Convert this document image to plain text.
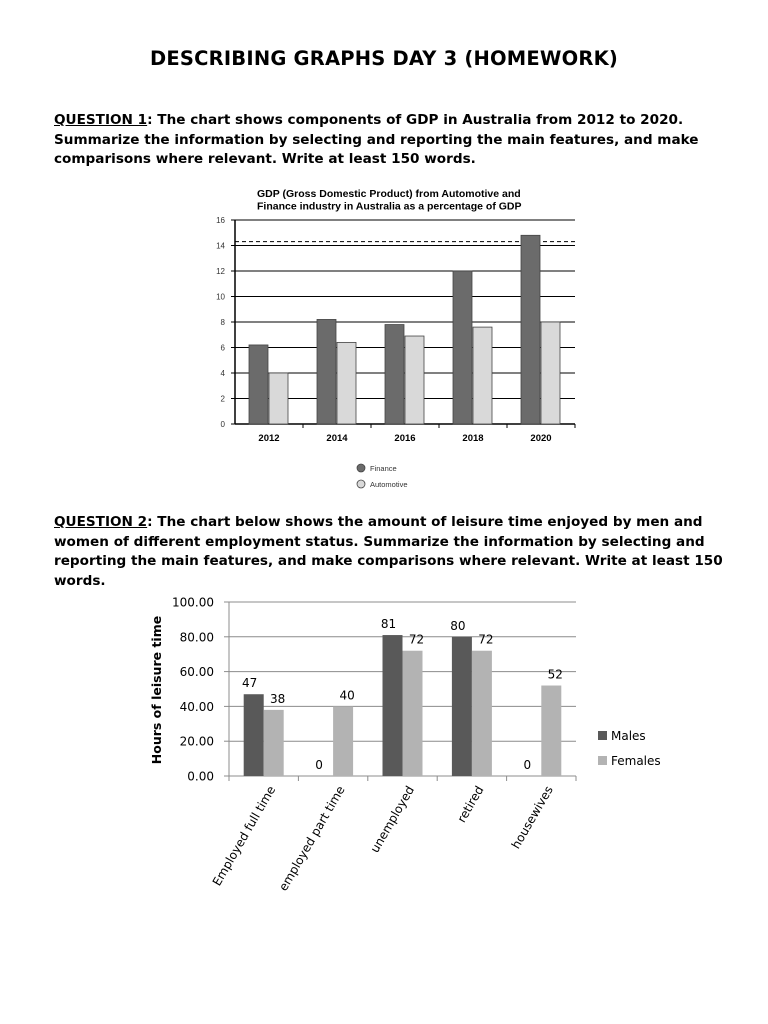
DESCRIBING GRAPHS DAY 3 (HOMEWORK)
QUESTION 1: The chart shows components of GDP in Australia from 2012 to 2020. Summarize the information by selecting and reporting the main features, and make comparisons where relevant. Write at least 150 words.
QUESTION 2: The chart below shows the amount of leisure time enjoyed by men and women of different employment status. Summarize the information by selecting and reporting the main features, and make comparisons where relevant. Write at least 150 words.
GDP (Gross Domestic Product) from Automotive and
Finance industry in Australia as a percentage of GDP
0
2
4
6
8
10
12
14
16
2012	2014	2016	2018	2020
Finance
Automotive
0.00
20.00
40.00
60.00
80.00
100.00
Hours of leisure time	47
38
Employed full time
0
40
employed part time
81
72
unemployed
80
72
retired
0
52
housewives
Males
Females
